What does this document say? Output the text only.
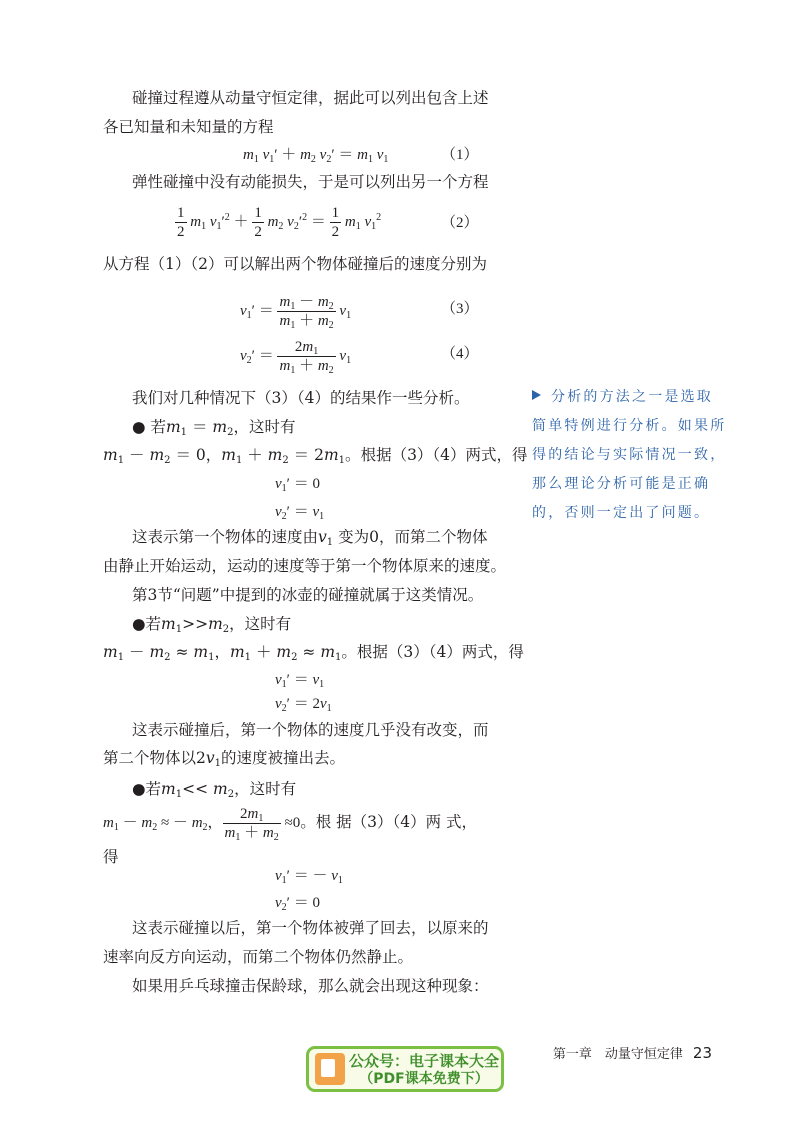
碰撞过程遵从动量守恒定律，据此可以列出包含上述
各已知量和未知量的方程
$m_1$ $v_1' + m_2$ $v_2' = m_1$ $v_1$	（1）
弹性碰撞中没有动能损失，于是可以列出另一个方程
$\frac{1}{2} m_1$ $v_1'^2 + \frac{1}{2} m_2$ $v_2'^2 = \frac{1}{2} m_1$ $v_1^2$	（2）
从方程（1）（2）可以解出两个物体碰撞后的速度分别为
$v_1' = \frac{m_1 - m_2}{m_1 + m_2} v_1$	（3）
$v_2' = \frac{2m_1}{m_1 + m_2} v_1$	（4）
我们对几种情况下（3）（4）的结果作一些分析。
● 若$m_1 = m_2$，这时有
$m_1 - m_2 = 0$，$m_1 + m_2 = 2m_1$。根据（3）（4）两式，得
$v_1' = 0$
$v_2' = v_1$
这表示第一个物体的速度由$v_1$ 变为0，而第二个物体
由静止开始运动，运动的速度等于第一个物体原来的速度。
第3节“问题”中提到的冰壶的碰撞就属于这类情况。
●若$m_1>>m_2$，这时有
$m_1 - m_2 \approx m_1$，$m_1 + m_2 \approx m_1$。根据（3）（4）两式，得
$v_1' = v_1$
$v_2' = 2v_1$
这表示碰撞后，第一个物体的速度几乎没有改变，而
第二个物体以$2v_1$的速度被撞出去。
●若$m_1<< m_2$，这时有
$m_1 - m_2$ ≈ － $m_2$， $\frac{2m_1}{m_1 + m_2} \approx 0$。根 据（3）（4）两 式，
得
$v_1'$ ＝ － $v_1$
$v_2' = 0$
这表示碰撞以后，第一个物体被弹了回去，以原来的
速率向反方向运动，而第二个物体仍然静止。
如果用乒乓球撞击保龄球，那么就会出现这种现象：
分析的方法之一是选取简单特例进行分析。如果所得的结论与实际情况一致，那么理论分析可能是正确的，否则一定出了问题。
第一章　动量守恒定律 23
公众号：电子课本大全
（PDF课本免费下）
